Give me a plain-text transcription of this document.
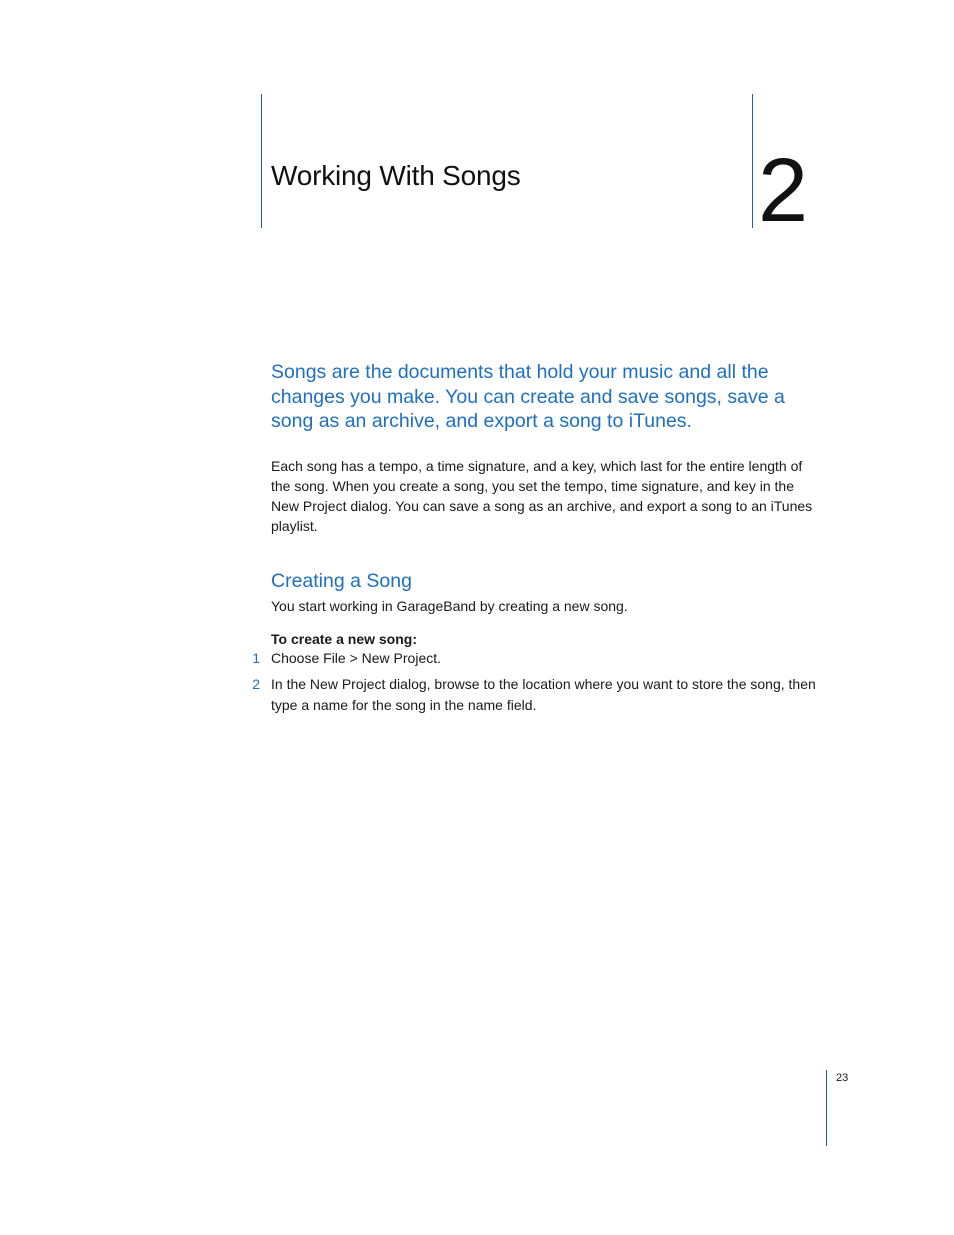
Working With Songs	2

Songs are the documents that hold your music and all the changes you make. You can create and save songs, save a song as an archive, and export a song to iTunes.

Each song has a tempo, a time signature, and a key, which last for the entire length of the song. When you create a song, you set the tempo, time signature, and key in the New Project dialog. You can save a song as an archive, and export a song to an iTunes playlist.

Creating a Song

You start working in GarageBand by creating a new song.

To create a new song:

1 Choose File > New Project.
2 In the New Project dialog, browse to the location where you want to store the song, then type a name for the song in the name field.
23
